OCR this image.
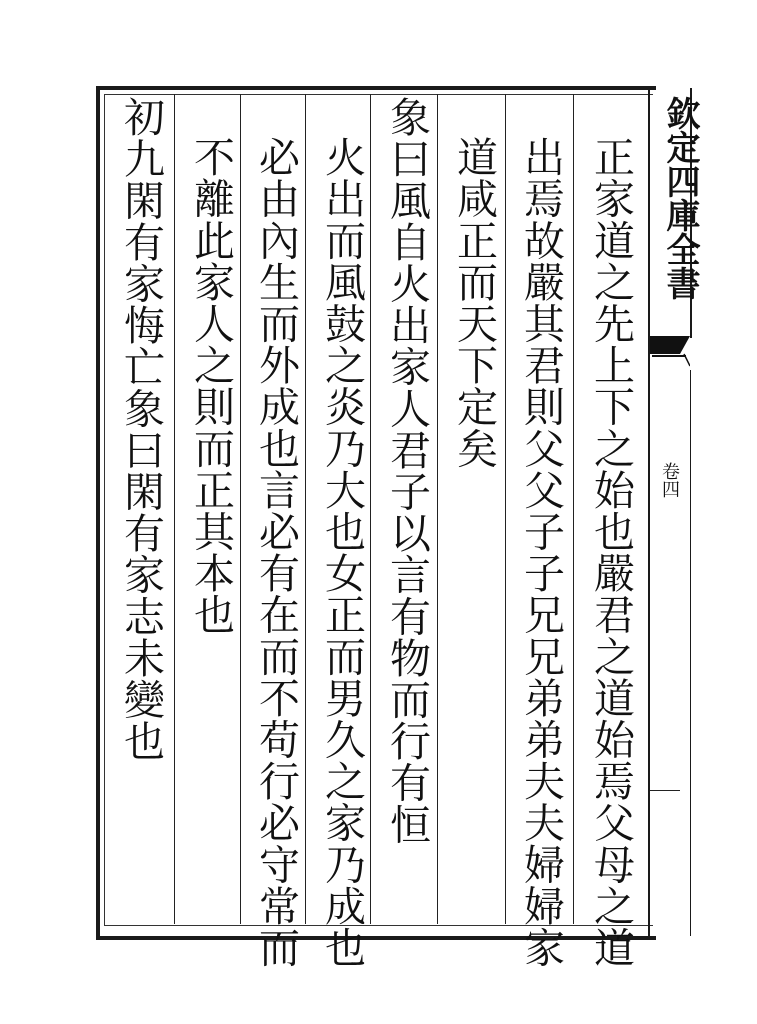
欽定四庫全書
卷四
正家道之先上下之始也嚴君之道始焉父母之道
出焉故嚴其君則父父子子兄兄弟弟夫夫婦婦家
道咸正而天下定矣
象曰風自火出家人君子以言有物而行有恒
火出而風鼓之炎乃大也女正而男久之家乃成也
必由內生而外成也言必有在而不苟行必守常而
不離此家人之則而正其本也
初九閑有家悔亡象曰閑有家志未變也
